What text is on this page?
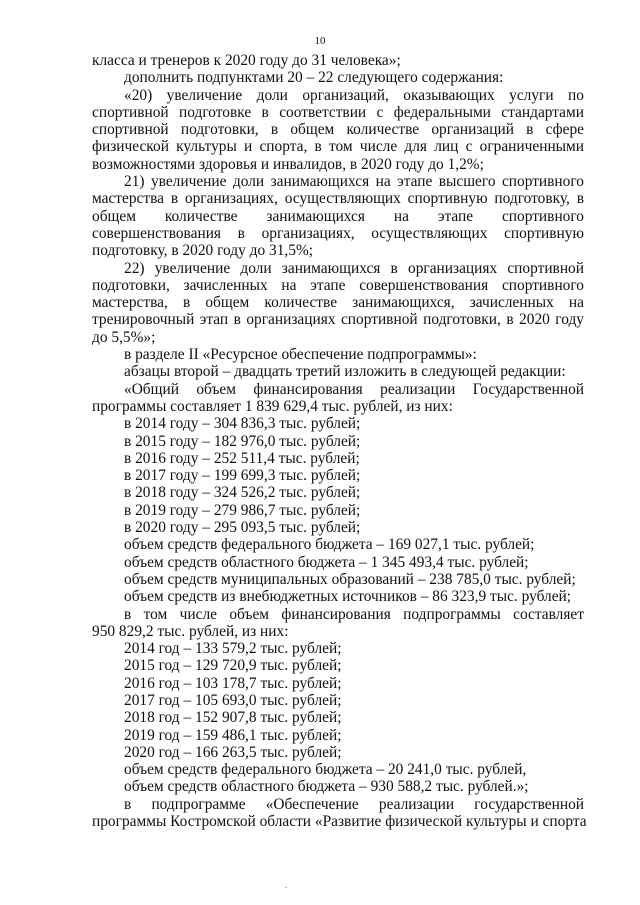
10
класса и тренеров к 2020 году до 31 человека»;
дополнить подпунктами 20 – 22 следующего содержания:
«20) увеличение доли организаций, оказывающих услуги по
спортивной подготовке в соответствии с федеральными стандартами
спортивной подготовки, в общем количестве организаций в сфере
физической культуры и спорта, в том числе для лиц с ограниченными
возможностями здоровья и инвалидов, в 2020 году до 1,2%;
21) увеличение доли занимающихся на этапе высшего спортивного
мастерства в организациях, осуществляющих спортивную подготовку, в
общем количестве занимающихся на этапе спортивного
совершенствования в организациях, осуществляющих спортивную
подготовку, в 2020 году до 31,5%;
22) увеличение доли занимающихся в организациях спортивной
подготовки, зачисленных на этапе совершенствования спортивного
мастерства, в общем количестве занимающихся, зачисленных на
тренировочный этап в организациях спортивной подготовки, в 2020 году
до 5,5%»;
в разделе II «Ресурсное обеспечение подпрограммы»:
абзацы второй – двадцать третий изложить в следующей редакции:
«Общий объем финансирования реализации Государственной
программы составляет 1 839 629,4 тыс. рублей, из них:
в 2014 году – 304 836,3 тыс. рублей;
в 2015 году – 182 976,0 тыс. рублей;
в 2016 году – 252 511,4 тыс. рублей;
в 2017 году – 199 699,3 тыс. рублей;
в 2018 году – 324 526,2 тыс. рублей;
в 2019 году – 279 986,7 тыс. рублей;
в 2020 году – 295 093,5 тыс. рублей;
объем средств федерального бюджета – 169 027,1 тыс. рублей;
объем средств областного бюджета – 1 345 493,4 тыс. рублей;
объем средств муниципальных образований – 238 785,0 тыс. рублей;
объем средств из внебюджетных источников – 86 323,9 тыс. рублей;
в том числе объем финансирования подпрограммы составляет
950 829,2 тыс. рублей, из них:
2014 год – 133 579,2 тыс. рублей;
2015 год – 129 720,9 тыс. рублей;
2016 год – 103 178,7 тыс. рублей;
2017 год – 105 693,0 тыс. рублей;
2018 год – 152 907,8 тыс. рублей;
2019 год – 159 486,1 тыс. рублей;
2020 год – 166 263,5 тыс. рублей;
объем средств федерального бюджета – 20 241,0 тыс. рублей,
объем средств областного бюджета – 930 588,2 тыс. рублей.»;
в подпрограмме «Обеспечение реализации государственной
программы Костромской области «Развитие физической культуры и спорта
